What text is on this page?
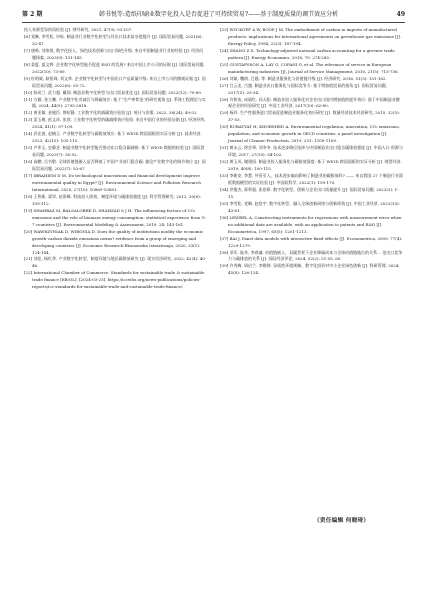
第 2 期	韩书悦等:造纸印刷业数字化投入是否促进了可持续贸易?——基于制度质量的调节效应分析	49

投入来源差异的再检验 [J]. 财经研究, 2021, 47(9): 93-107.

[6] 党琳, 李雪松, 申烁. 制造业行业数字化转型与其出口技术复杂度提升 [J]. 国际贸易问题, 2021(6): 32-47.

[7] 唐帅, 刘家悦, 数字化投入、绿色技术创新与出口绿色升级: 来自中国制造业行业的经验 [J]. 经济问题探索, 2023(9): 131-145.

[8] 姜夏, 夏文婷. 企业数字化转型能否促进 ESG 的发展? 来自中国上市公司的证据 [J]. 国际贸易问题, 2022(10): 73-89.

[9] 杜明威, 耿景珠, 刘文革. 企业数字化转型与中国出口产品质量升级: 来自上市公司的微观证据 [J]. 国际贸易问题, 2022(6): 55-72.

[10] 陈风兰, 武力超, 戴翔. 制造业数字化转型与出口贸易优化 [J]. 国际贸易问题, 2022(12): 70-89.

[11] 方颖, 金立鹏. 产业数字化对减污与降碳效应: 基于“生产率悖论”的研究视角 [J]. 系统工程理论与实践, 2024, 44(9): 2795-2818.

[12] 黄亚雄, 金媛臣, 曾昭静. 工业数字化的减碳效应检验 [J]. 统计与决策, 2022, 38(24): 49-52.

[13] 雷玉桃, 彭文祥, 张萱. 工业数字化转型的碳减排效应检验: 来自中国行业的经验证据 [J]. 经济经纬, 2024, 41(1): 97-109.

[14] 武宏波, 赵楠玉. 产业数字化转型与碳排放效应: 基于 WIOD 跨国面板的实证分析 [J]. 技术经济, 2023, 42(10): 105-115.

[15] 卢华玉, 史静芝. 制造业数字化转型能否推动出口隐含碳减排: 基于 WIOD 数据的检验 [J]. 国际贸易问题, 2023(7): 36-52.

[16] 高鹏, 岳书敬. 全球价值链嵌入是否降低了中国产业部门隐含碳: 兼论产业数字化的调节效应 [J]. 国际贸易问题, 2022(7): 53-67.

[17] IBRAHIEM D M. Do technological innovations and financial development improve environmental quality in Egypt? [J]. Environmental Science and Pollution Research International, 2020, 27(10): 10869-10881.

[18] 王智新, 梁翠, 赵景峰. 科技投入绩效、制度环境与碳排放强度 [J]. 科学管理研究, 2012, 30(6): 109-112.

[19] SHAHBAZ M, BALSALOBRE D, SHAHZAD S J H. The influencing factors of CO₂ emissions and the role of biomass energy consumption: statistical experience from G-7 countries [J]. Environmental Modeling & Assessment, 2019, 24: 143-161.

[20] WAWRZYNIAK D, WIRGNIA D. Does the quality of institutions modify the economic growth-carbon dioxide emissions nexus? evidence from a group of emerging and developing countries [J]. Economic Research-Ekonomska Istrazivanja, 2020, 33(1): 124-144.

[21] 刘佳, 杨红华. 产业数字化转型、制度环境与地区碳排放研究 [J]. 现实经济研究, 2022, 42(4): 40-46.

[22] International Chamber of Commerce. Standards for sustainable trade & sustainable trade finance [EB/OL]. [2024-03-25]. https://iccwbo.org/news-publications/policies-reports/icc-standards-for-sustainable-trade-and-sustainable-trade-finance/.

[23] WYCKOFF A W, ROOP J M. The embodiment of carbon in imports of manufactured products: implications for international agreements on greenhouse gas emissions [J]. Energy Policy, 1994, 22(3): 187-194.

[24] ZHANG Z X. Technology-adjusted national carbon accounting for a greener trade pattern [J]. Energy Economics, 2018, 75: 274-285.

[25] GUSTAFSSON A, LAY G, COPANI G, et al. The relevance of service in European manufacturing industries [J]. Journal of Service Management, 2010, 21(5): 715-736.

[26] 刘斌, 魏倩, 吕越, 等. 制造业服务化与价值链升级 [J]. 经济研究, 2016, 51(3): 151-162.

[27] 吕云龙, 吕越. 制造业出口服务化与国际竞争力: 基于增加值贸易的视角 [J]. 国际贸易问题, 2017(5): 25-34.

[28] 许和连, 成丽红, 孙天阳. 制造业投入服务化对企业出口国内增加值的提升效应: 基于中国制造业微观企业的经验研究 [J]. 中国工业经济, 2017(10): 62-80.

[29] 杨玲. 生产性服务进口贸易促进制造业服务化效应研究 [J]. 数量经济技术经济研究, 2015, 32(5): 37-53.

[30] RUBAYYAT H, KHORSHED A. Environmental regulation, innovation, CO₂ emissions, population, and economic growth in OECD countries: a panel investigation [J]. Journal of Cleaner Production, 2019, 231: 1100-1109.

[31] 黄永云, 徐会琴, 刘冬冬. 技术进步路径选择与中国制造业出口隐含碳排放强度 [J]. 中国人口·资源与环境, 2017, 27(10): 94-102.

[32] 黄玉凤, 谢建国. 制造业投入服务化与碳排放强度: 基于 WIOD 跨国面板的实证分析 [J]. 财贸经济, 2019, 40(8): 100-115.

[33] 李新安, 李慧. 外资引入、技术进步偏向影响了制造业的碳排放吗? —— 来自我国 27 个制造行业面板数据模型的实证检验 [J]. 中国软科学, 2022(1): 159-170.

[34] 洪俊杰, 蒋慕超, 张宸妍. 数字化转型、创新与企业出口质量提升 [J]. 国际贸易问题, 2022(3): 1-15.

[35] 李雪松, 党琳, 赵宸宇. 数字化转型、融入全球创新网络与创新绩效 [J]. 中国工业经济, 2022(10): 43-61.

[36] LEWBEL A. Constructing instruments for regressions with measurement error when no additional data are available, with an application to patents and R&D [J]. Econometrica, 1997, 65(5): 1201-1213.

[37] BAI J. Panel data models with interactive fixed effects [J]. Econometrica, 2009, 77(4): 1229-1279.

[38] 邓军, 陆舟, 李春谦. 价值链嵌入、双碳背景下企业降碳成本与全球价值链地位的关系... 论出口竞争力与碳排放的关系 [J]. 国际经济评论, 2024, 52(2): 51-55, 65.

[39] 许秀梅, 周启兰. 李敬骅. 异质性环境规制、数字化投资对中小企业绿色创新 [J]. 科研管理, 2024, 45(8): 126-134.

（责任编辑 何晓琦）
